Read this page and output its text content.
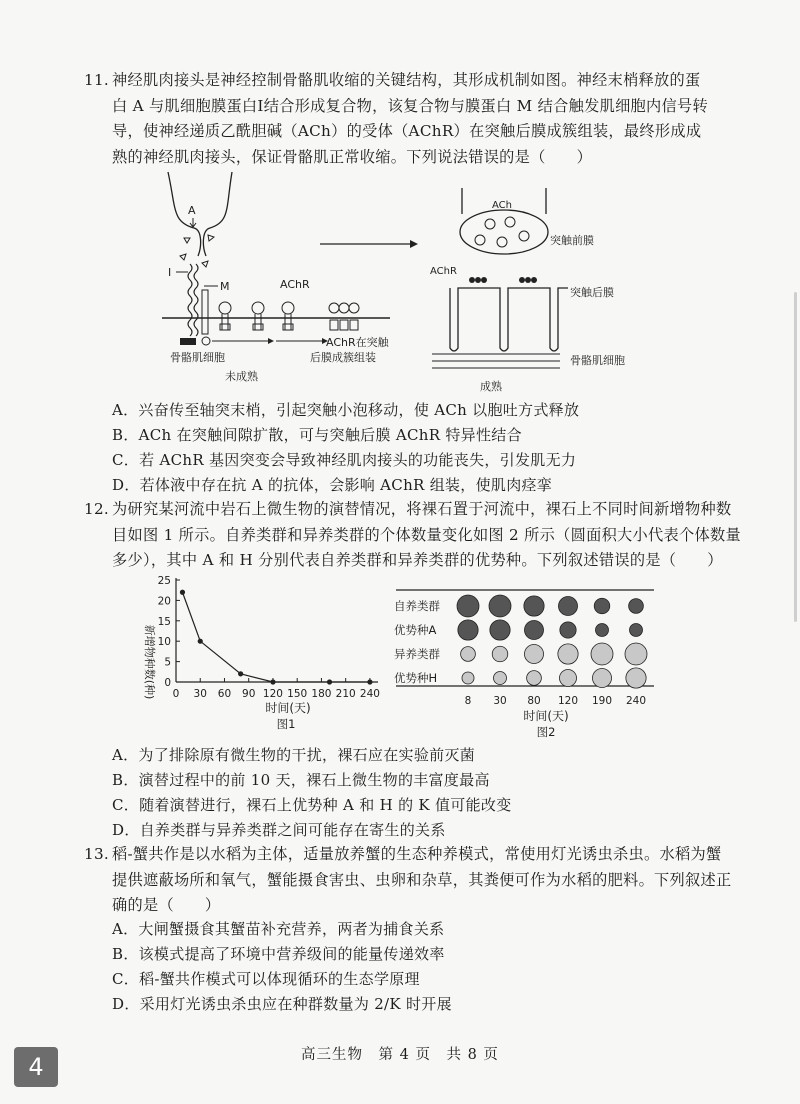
11. 神经肌肉接头是神经控制骨骼肌收缩的关键结构，其形成机制如图。神经末梢释放的蛋
白 A 与肌细胞膜蛋白Ⅰ结合形成复合物，该复合物与膜蛋白 M 结合触发肌细胞内信号转
导，使神经递质乙酰胆碱（ACh）的受体（AChR）在突触后膜成簇组装，最终形成成
熟的神经肌肉接头，保证骨骼肌正常收缩。下列说法错误的是（　　）
A
I
M	AChR
AChR在突触
后膜成簇组装
骨骼肌细胞
未成熟
ACh
突触前膜
AChR
突触后膜
骨骼肌细胞
成熟
A．兴奋传至轴突末梢，引起突触小泡移动，使 ACh 以胞吐方式释放
B．ACh 在突触间隙扩散，可与突触后膜 AChR 特异性结合
C．若 AChR 基因突变会导致神经肌肉接头的功能丧失，引发肌无力
D．若体液中存在抗 A 的抗体，会影响 AChR 组装，使肌肉痉挛
12. 为研究某河流中岩石上微生物的演替情况，将裸石置于河流中，裸石上不同时间新增物种数
目如图 1 所示。自养类群和异养类群的个体数量变化如图 2 所示（圆面积大小代表个体数量
多少），其中 A 和 H 分别代表自养类群和异养类群的优势种。下列叙述错误的是（　　）
0
5
10
15
20
25
0 30 60 90 120 150 180 210 240
新增物种数(种)
时间(天)
图1
自养类群
优势种A
异养类群
优势种H
8 30 80 120 190 240
时间(天)
图2
A．为了排除原有微生物的干扰，裸石应在实验前灭菌
B．演替过程中的前 10 天，裸石上微生物的丰富度最高
C．随着演替进行，裸石上优势种 A 和 H 的 K 值可能改变
D．自养类群与异养类群之间可能存在寄生的关系
13. 稻-蟹共作是以水稻为主体，适量放养蟹的生态种养模式，常使用灯光诱虫杀虫。水稻为蟹
提供遮蔽场所和氧气，蟹能摄食害虫、虫卵和杂草，其粪便可作为水稻的肥料。下列叙述正
确的是（　　）
A．大闸蟹摄食其蟹苗补充营养，两者为捕食关系
B．该模式提高了环境中营养级间的能量传递效率
C．稻-蟹共作模式可以体现循环的生态学原理
D．采用灯光诱虫杀虫应在种群数量为 2/K 时开展
高三生物　第 4 页　共 8 页
4
